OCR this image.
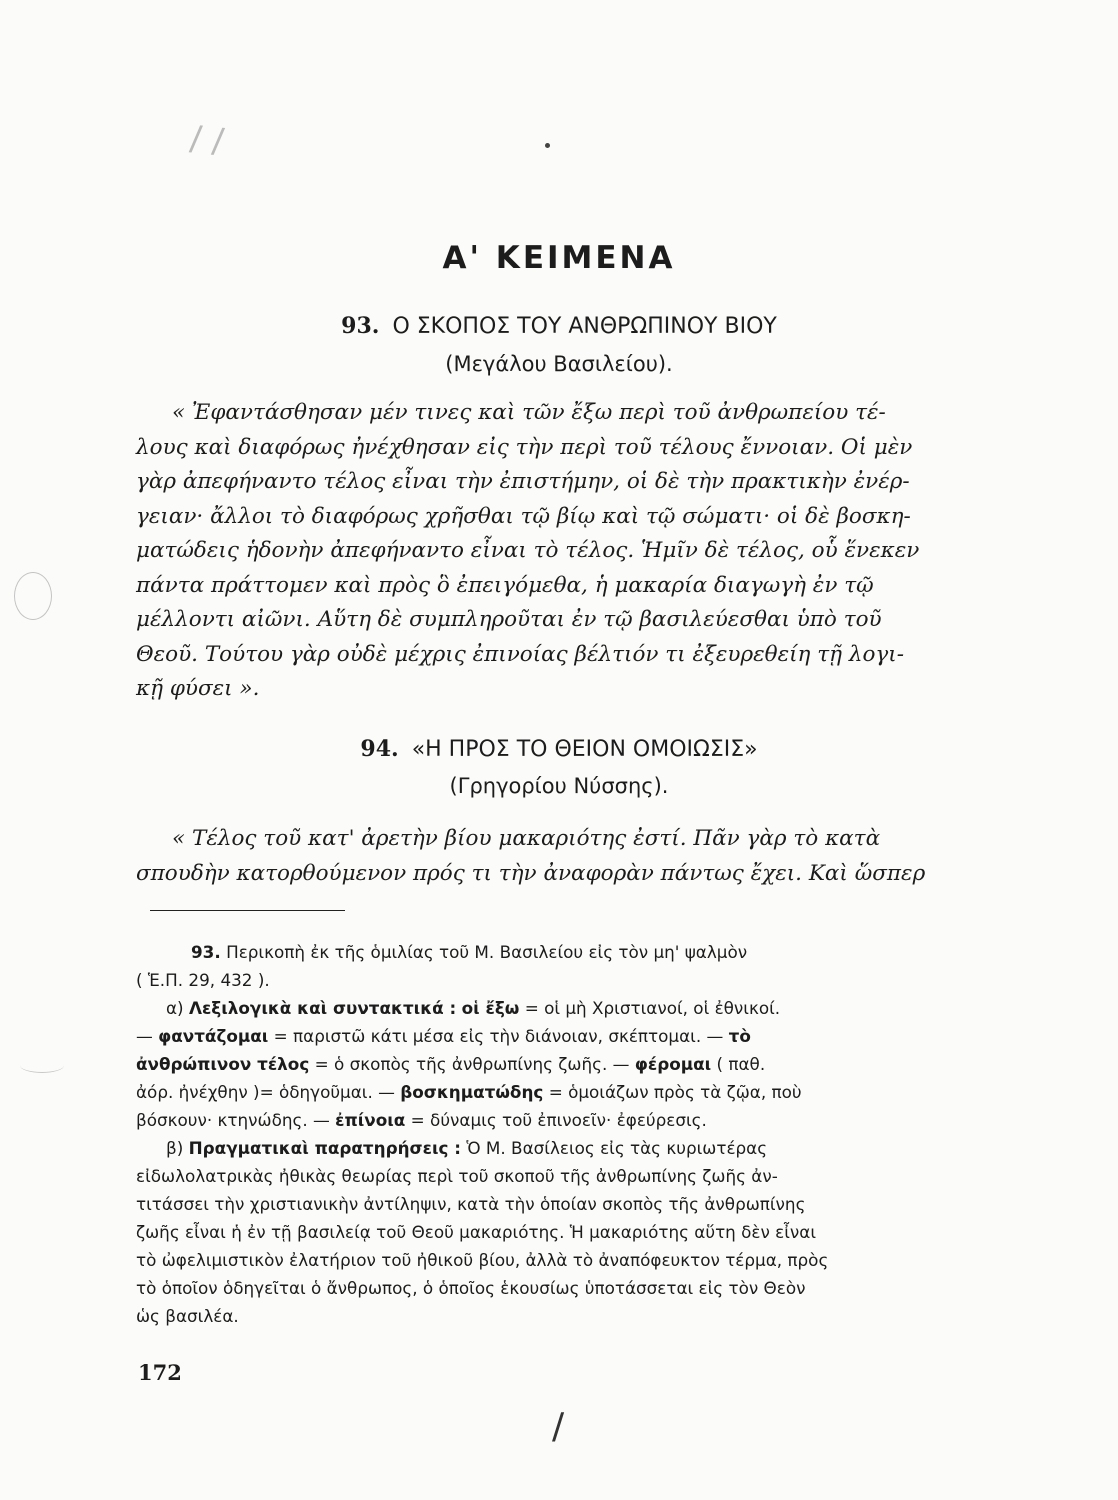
/ /
Α' ΚΕΙΜΕΝΑ
93. Ο ΣΚΟΠΟΣ ΤΟΥ ΑΝΘΡΩΠΙΝΟΥ ΒΙΟΥ
(Μεγάλου Βασιλείου).
« Ἐφαντάσθησαν μέν τινες καὶ τῶν ἔξω περὶ τοῦ ἀνθρωπείου τέ-
λους καὶ διαφόρως ἠνέχθησαν εἰς τὴν περὶ τοῦ τέλους ἔννοιαν. Οἱ μὲν
γὰρ ἀπεφήναντο τέλος εἶναι τὴν ἐπιστήμην, οἱ δὲ τὴν πρακτικὴν ἐνέρ-
γειαν· ἄλλοι τὸ διαφόρως χρῆσθαι τῷ βίῳ καὶ τῷ σώματι· οἱ δὲ βοσκη-
ματώδεις ἡδονὴν ἀπεφήναντο εἶναι τὸ τέλος. Ἡμῖν δὲ τέλος, οὗ ἕνεκεν
πάντα πράττομεν καὶ πρὸς ὃ ἐπειγόμεθα, ἡ μακαρία διαγωγὴ ἐν τῷ
μέλλοντι αἰῶνι. Αὕτη δὲ συμπληροῦται ἐν τῷ βασιλεύεσθαι ὑπὸ τοῦ
Θεοῦ. Τούτου γὰρ οὐδὲ μέχρις ἐπινοίας βέλτιόν τι ἐξευρεθείη τῇ λογι-
κῇ φύσει ».
94. «Η ΠΡΟΣ ΤΟ ΘΕΙΟΝ ΟΜΟΙΩΣΙΣ»
(Γρηγορίου Νύσσης).
« Τέλος τοῦ κατ' ἀρετὴν βίου μακαριότης ἐστί. Πᾶν γὰρ τὸ κατὰ
σπουδὴν κατορθούμενον πρός τι τὴν ἀναφορὰν πάντως ἔχει. Καὶ ὥσπερ
93. Περικοπὴ ἐκ τῆς ὁμιλίας τοῦ Μ. Βασιλείου εἰς τὸν μη' ψαλμὸν
( Ἑ.Π. 29, 432 ).
α) Λεξιλογικὰ καὶ συντακτικά : οἱ ἔξω = οἱ μὴ Χριστιανοί, οἱ ἐθνικοί.
— φαντάζομαι = παριστῶ κάτι μέσα εἰς τὴν διάνοιαν, σκέπτομαι. — τὸ
ἀνθρώπινον τέλος = ὁ σκοπὸς τῆς ἀνθρωπίνης ζωῆς. — φέρομαι ( παθ.
ἀόρ. ἠνέχθην )= ὁδηγοῦμαι. — βοσκηματώδης = ὁμοιάζων πρὸς τὰ ζῷα, ποὺ
βόσκουν· κτηνώδης. — ἐπίνοια = δύναμις τοῦ ἐπινοεῖν· ἐφεύρεσις.
β) Πραγματικαὶ παρατηρήσεις : Ὁ Μ. Βασίλειος εἰς τὰς κυριωτέρας
εἰδωλολατρικὰς ἠθικὰς θεωρίας περὶ τοῦ σκοποῦ τῆς ἀνθρωπίνης ζωῆς ἀν-
τιτάσσει τὴν χριστιανικὴν ἀντίληψιν, κατὰ τὴν ὁποίαν σκοπὸς τῆς ἀνθρωπίνης
ζωῆς εἶναι ἡ ἐν τῇ βασιλείᾳ τοῦ Θεοῦ μακαριότης. Ἡ μακαριότης αὕτη δὲν εἶναι
τὸ ὠφελιμιστικὸν ἐλατήριον τοῦ ἠθικοῦ βίου, ἀλλὰ τὸ ἀναπόφευκτον τέρμα, πρὸς
τὸ ὁποῖον ὁδηγεῖται ὁ ἄνθρωπος, ὁ ὁποῖος ἑκουσίως ὑποτάσσεται εἰς τὸν Θεὸν
ὡς βασιλέα.
172
/
